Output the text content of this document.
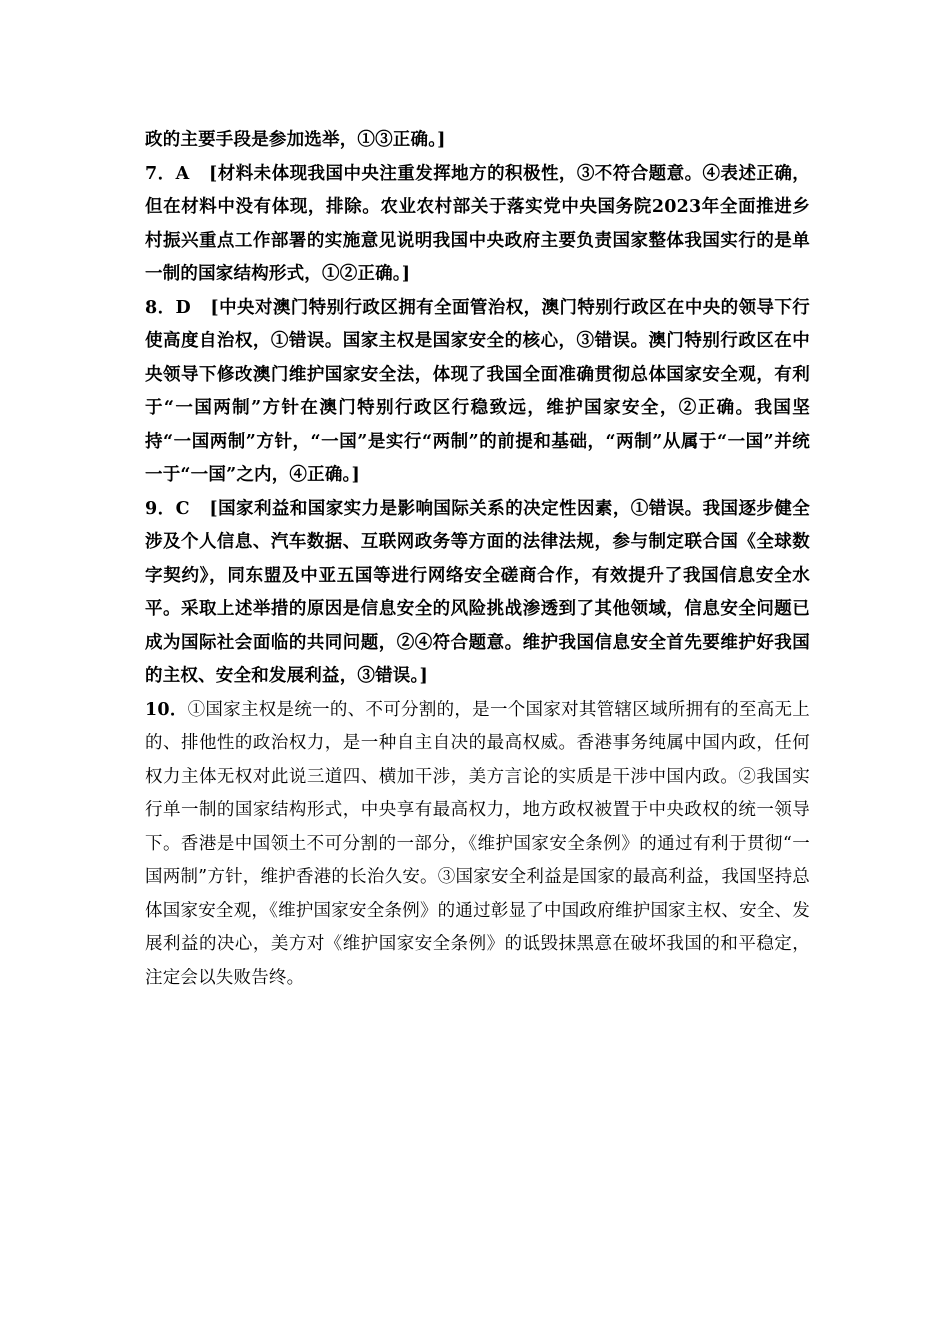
政的主要手段是参加选举，①③正确。]

7．A [材料未体现我国中央注重发挥地方的积极性，③不符合题意。④表述正确，但在材料中没有体现，排除。农业农村部关于落实党中央国务院2023年全面推进乡村振兴重点工作部署的实施意见说明我国中央政府主要负责国家整体我国实行的是单一制的国家结构形式，①②正确。]

8．D [中央对澳门特别行政区拥有全面管治权，澳门特别行政区在中央的领导下行使高度自治权，①错误。国家主权是国家安全的核心，③错误。澳门特别行政区在中央领导下修改澳门维护国家安全法，体现了我国全面准确贯彻总体国家安全观，有利于“一国两制”方针在澳门特别行政区行稳致远，维护国家安全，②正确。我国坚持“一国两制”方针，“一国”是实行“两制”的前提和基础，“两制”从属于“一国”并统一于“一国”之内，④正确。]

9．C [国家利益和国家实力是影响国际关系的决定性因素，①错误。我国逐步健全涉及个人信息、汽车数据、互联网政务等方面的法律法规，参与制定联合国《全球数字契约》，同东盟及中亚五国等进行网络安全磋商合作，有效提升了我国信息安全水平。采取上述举措的原因是信息安全的风险挑战渗透到了其他领域，信息安全问题已成为国际社会面临的共同问题，②④符合题意。维护我国信息安全首先要维护好我国的主权、安全和发展利益，③错误。]

10．①国家主权是统一的、不可分割的，是一个国家对其管辖区域所拥有的至高无上的、排他性的政治权力，是一种自主自决的最高权威。香港事务纯属中国内政，任何权力主体无权对此说三道四、横加干涉，美方言论的实质是干涉中国内政。②我国实行单一制的国家结构形式，中央享有最高权力，地方政权被置于中央政权的统一领导下。香港是中国领土不可分割的一部分，《维护国家安全条例》的通过有利于贯彻“一国两制”方针，维护香港的长治久安。③国家安全利益是国家的最高利益，我国坚持总体国家安全观，《维护国家安全条例》的通过彰显了中国政府维护国家主权、安全、发展利益的决心，美方对《维护国家安全条例》的诋毁抹黑意在破坏我国的和平稳定，注定会以失败告终。
